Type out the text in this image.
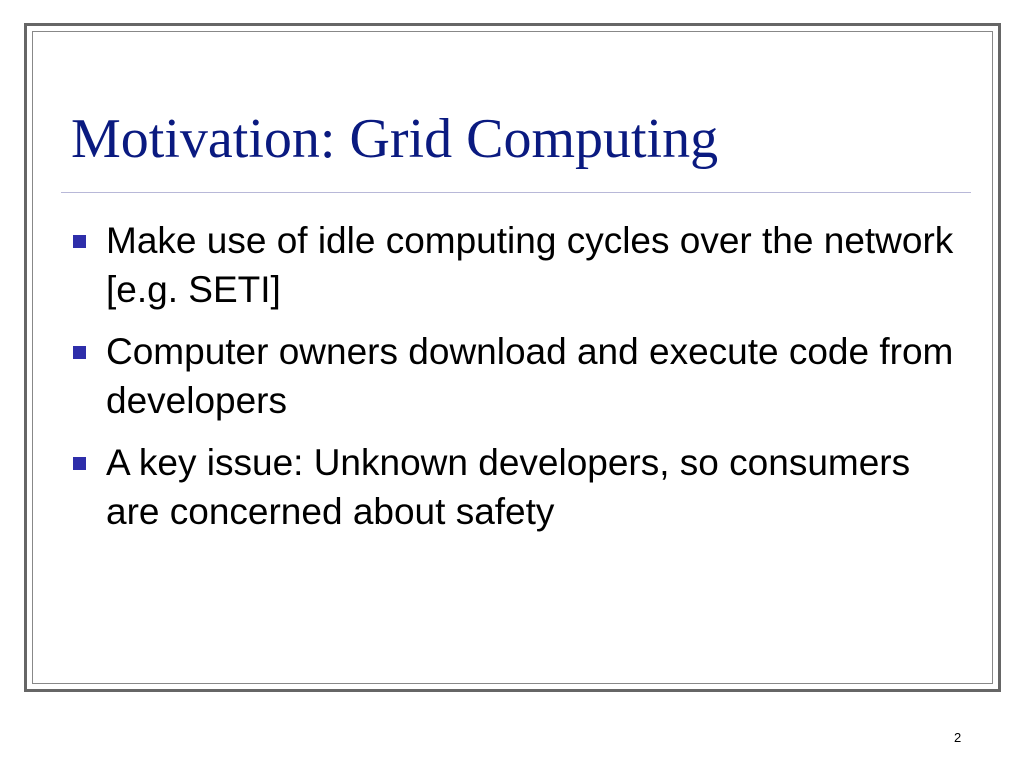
Motivation: Grid Computing
Make use of idle computing cycles over the network [e.g. SETI]
Computer owners download and execute code from developers
A key issue: Unknown developers, so consumers are concerned about safety
2
